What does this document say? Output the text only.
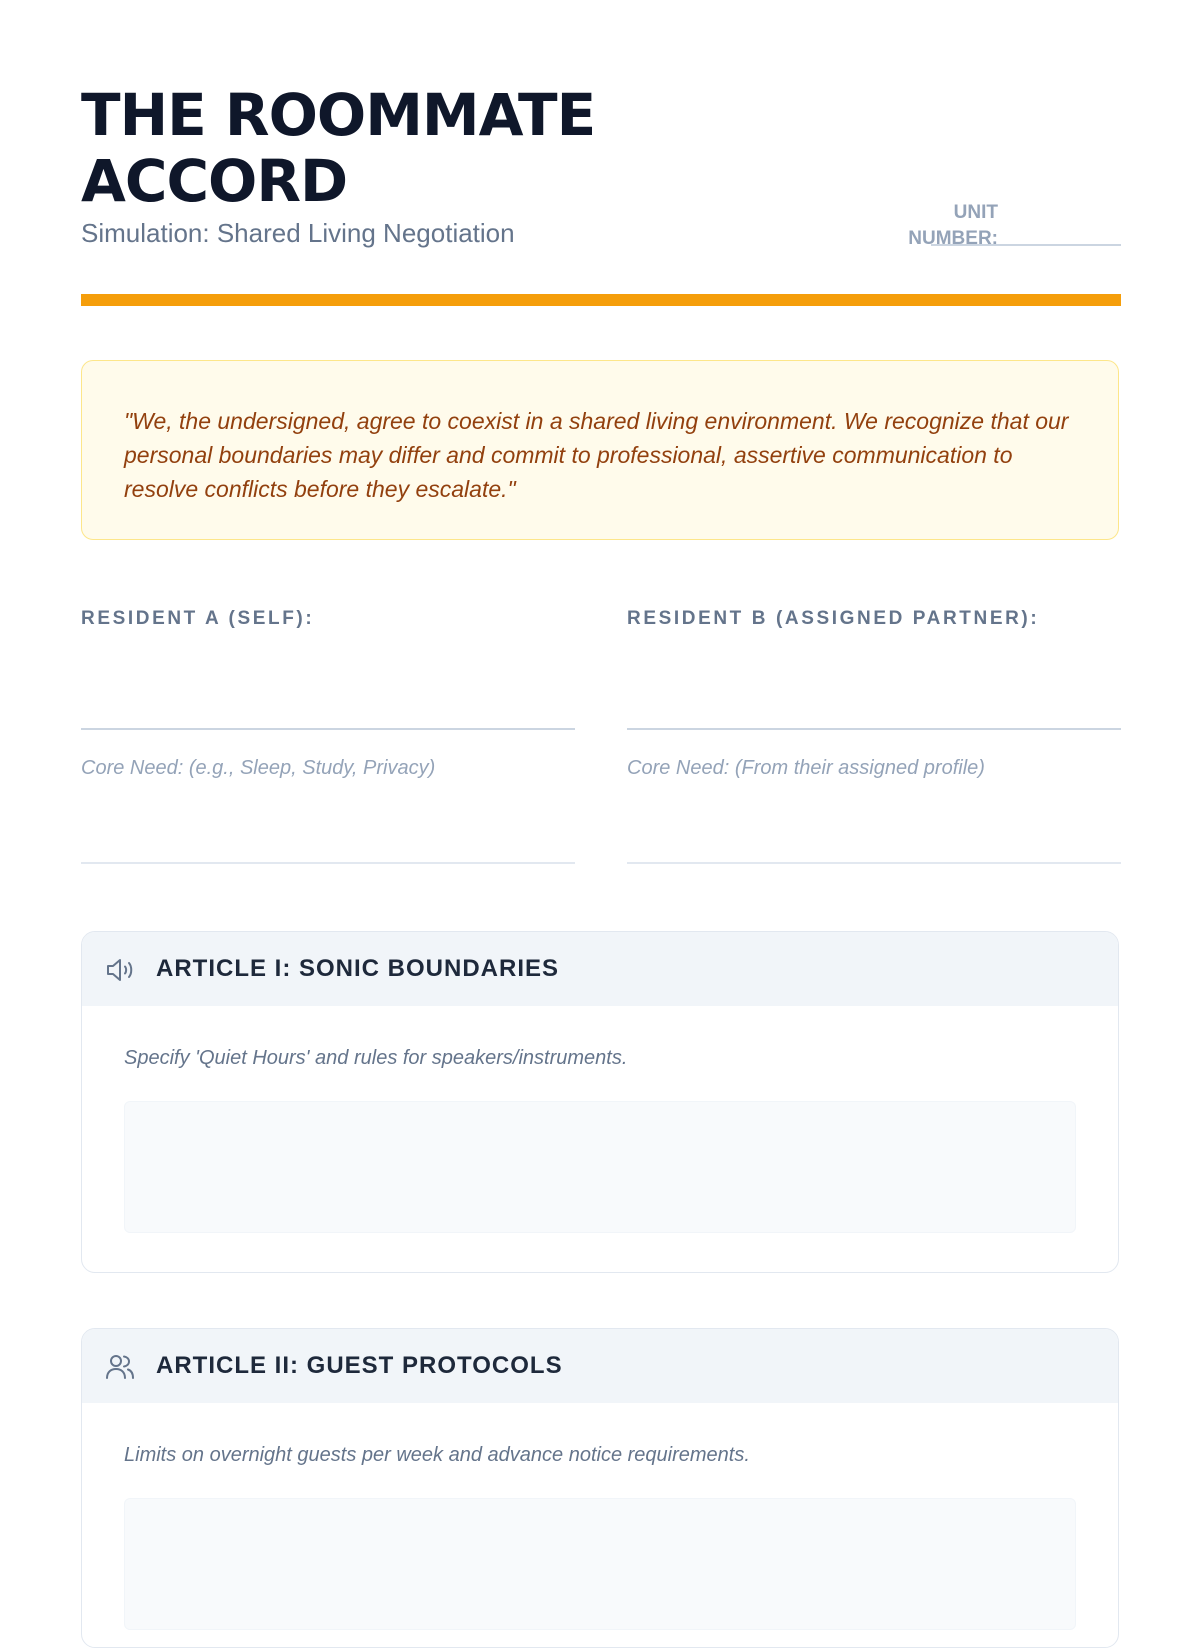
THE ROOMMATE
ACCORD
Simulation: Shared Living Negotiation
UNIT
NUMBER:

"We, the undersigned, agree to coexist in a shared living environment. We recognize that our personal boundaries may differ and commit to professional, assertive communication to resolve conflicts before they escalate."

RESIDENT A (SELF):
Core Need: (e.g., Sleep, Study, Privacy)
RESIDENT B (ASSIGNED PARTNER):
Core Need: (From their assigned profile)
ARTICLE I: SONIC BOUNDARIES
Specify 'Quiet Hours' and rules for speakers/instruments.
ARTICLE II: GUEST PROTOCOLS
Limits on overnight guests per week and advance notice requirements.
